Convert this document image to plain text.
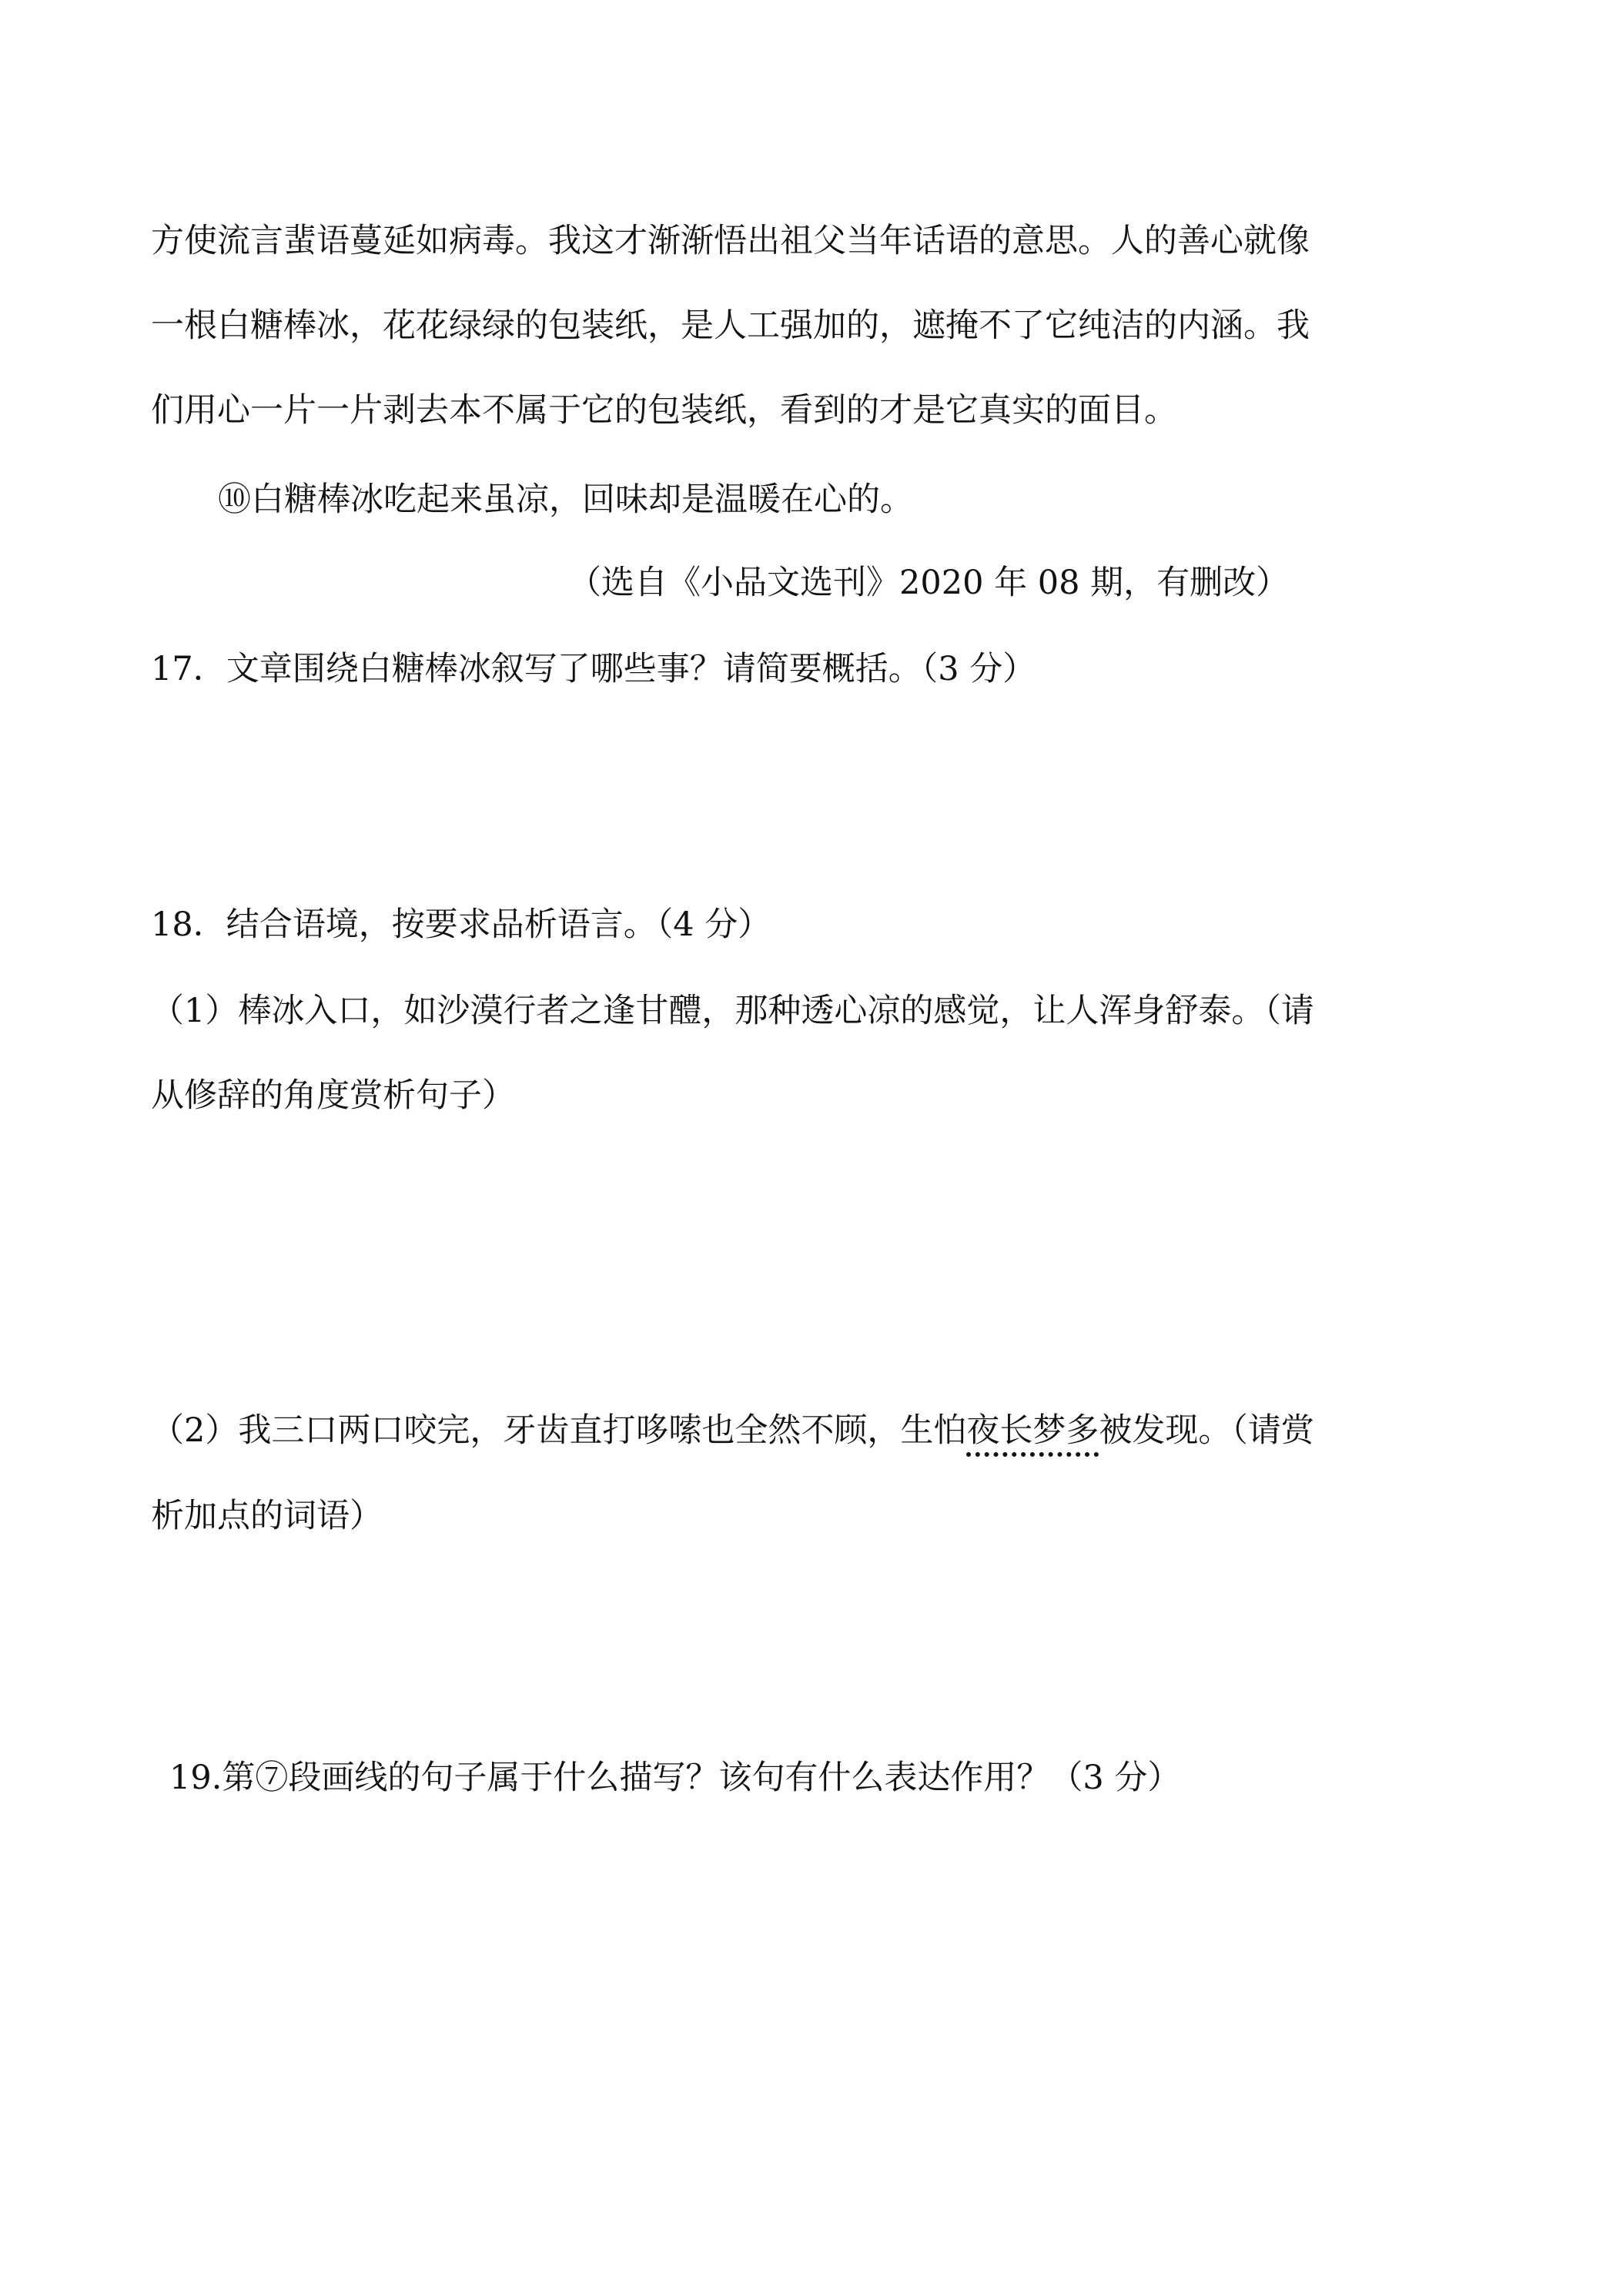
方使流言蜚语蔓延如病毒。我这才渐渐悟出祖父当年话语的意思。人的善心就像
一根白糖棒冰，花花绿绿的包装纸，是人工强加的，遮掩不了它纯洁的内涵。我
们用心一片一片剥去本不属于它的包装纸，看到的才是它真实的面目。
⑩白糖棒冰吃起来虽凉，回味却是温暖在心的。
（选自《小品文选刊》2020 年 08 期，有删改）
17．文章围绕白糖棒冰叙写了哪些事？请简要概括。（3 分）
18．结合语境，按要求品析语言。（4 分）
（1）棒冰入口，如沙漠行者之逢甘醴，那种透心凉的感觉，让人浑身舒泰。（请
从修辞的角度赏析句子）
（2）我三口两口咬完，牙齿直打哆嗦也全然不顾，生怕夜长梦多被发现。（请赏
析加点的词语）
19.第⑦段画线的句子属于什么描写？该句有什么表达作用？（3 分）
